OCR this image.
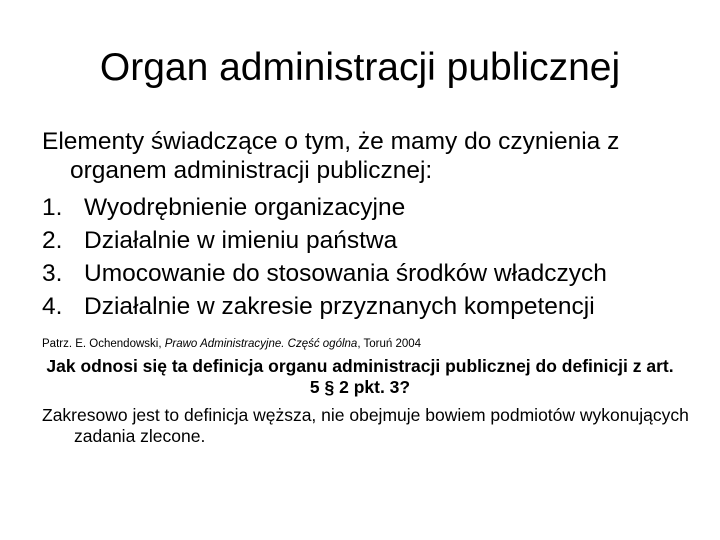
Organ administracji publicznej

Elementy świadczące o tym, że mamy do czynienia z organem administracji publicznej:

1. Wyodrębnienie organizacyjne
2. Działalnie w imieniu państwa
3. Umocowanie do stosowania środków władczych
4. Działalnie w zakresie przyznanych kompetencji

Patrz. E. Ochendowski, Prawo Administracyjne. Część ogólna, Toruń 2004

Jak odnosi się ta definicja organu administracji publicznej do definicji z art. 5 § 2 pkt. 3?

Zakresowo jest to definicja węższa, nie obejmuje bowiem podmiotów wykonujących zadania zlecone.
